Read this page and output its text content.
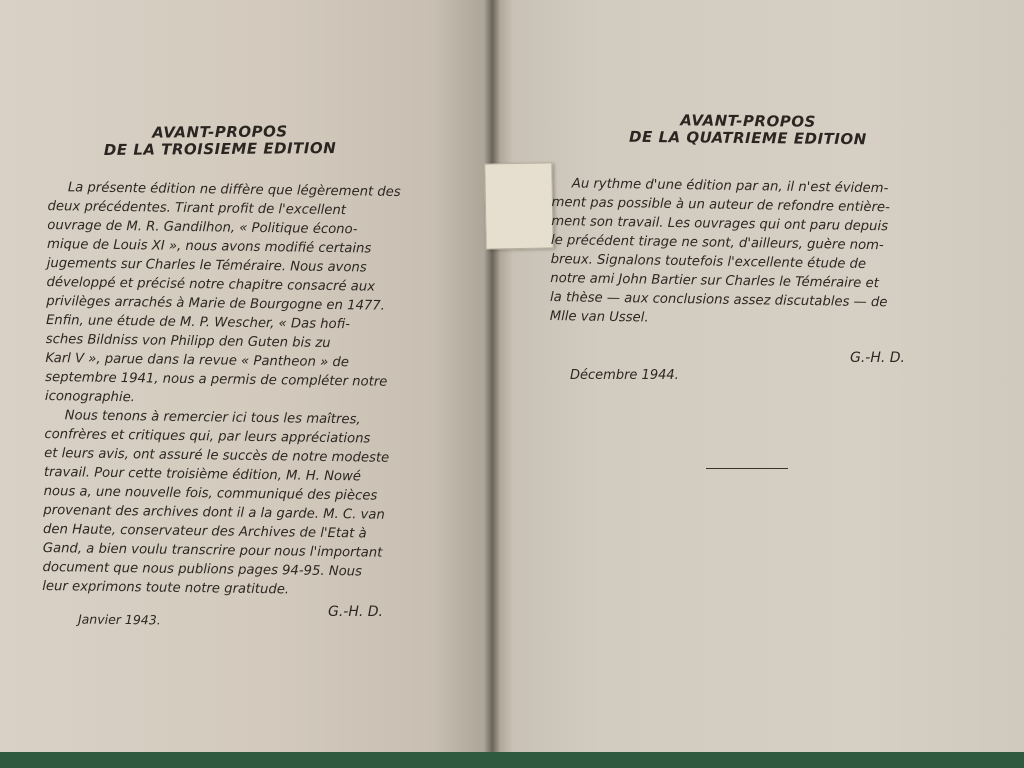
AVANT-PROPOS
DE LA TROISIEME EDITION
La présente édition ne diffère que légèrement des
deux précédentes. Tirant profit de l'excellent
ouvrage de M. R. Gandilhon, « Politique écono-
mique de Louis XI », nous avons modifié certains
jugements sur Charles le Téméraire. Nous avons
développé et précisé notre chapitre consacré aux
privilèges arrachés à Marie de Bourgogne en 1477.
Enfin, une étude de M. P. Wescher, « Das hofi-
sches Bildniss von Philipp den Guten bis zu
Karl V », parue dans la revue « Pantheon » de
septembre 1941, nous a permis de compléter notre
iconographie.
Nous tenons à remercier ici tous les maîtres,
confrères et critiques qui, par leurs appréciations
et leurs avis, ont assuré le succès de notre modeste
travail. Pour cette troisième édition, M. H. Nowé
nous a, une nouvelle fois, communiqué des pièces
provenant des archives dont il a la garde. M. C. van
den Haute, conservateur des Archives de l'Etat à
Gand, a bien voulu transcrire pour nous l'important
document que nous publions pages 94-95. Nous
leur exprimons toute notre gratitude.
Janvier 1943.	G.-H. D.
AVANT-PROPOS
DE LA QUATRIEME EDITION
Au rythme d'une édition par an, il n'est évidem-
ment pas possible à un auteur de refondre entière-
ment son travail. Les ouvrages qui ont paru depuis
le précédent tirage ne sont, d'ailleurs, guère nom-
breux. Signalons toutefois l'excellente étude de
notre ami John Bartier sur Charles le Téméraire et
la thèse — aux conclusions assez discutables — de
Mlle van Ussel.
G.-H. D.
Décembre 1944.
